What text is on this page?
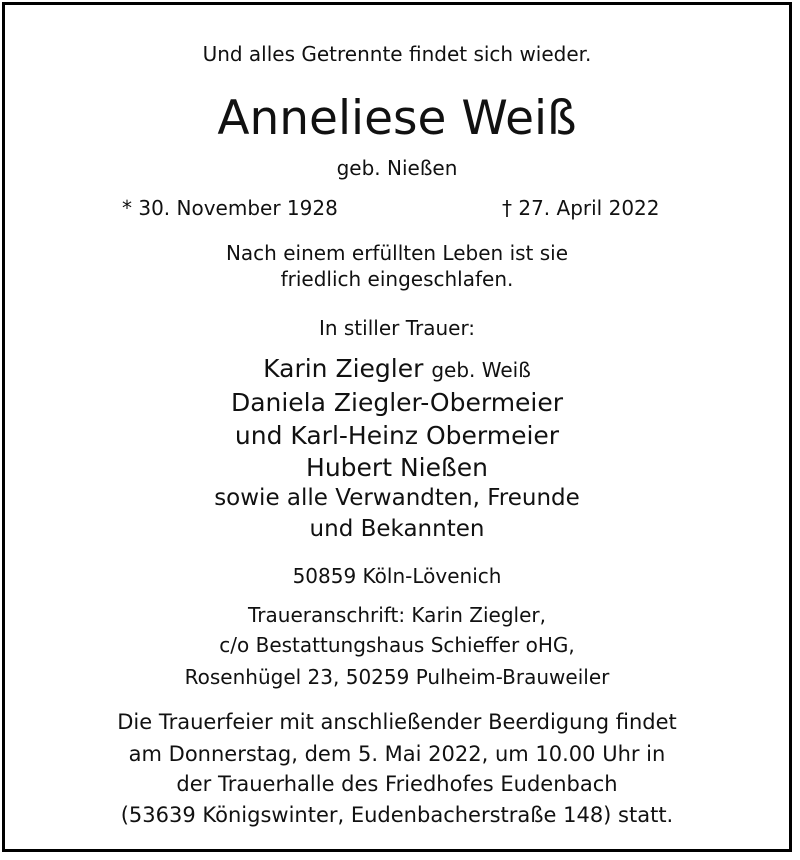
Und alles Getrennte findet sich wieder.
Anneliese Weiß
geb. Nießen
* 30. November 1928	† 27. April 2022
Nach einem erfüllten Leben ist sie
friedlich eingeschlafen.
In stiller Trauer:
Karin Ziegler geb. Weiß
Daniela Ziegler-Obermeier
und Karl-Heinz Obermeier
Hubert Nießen
sowie alle Verwandten, Freunde
und Bekannten
50859 Köln-Lövenich
Traueranschrift: Karin Ziegler,
c/o Bestattungshaus Schieffer oHG,
Rosenhügel 23, 50259 Pulheim-Brauweiler
Die Trauerfeier mit anschließender Beerdigung findet
am Donnerstag, dem 5. Mai 2022, um 10.00 Uhr in
der Trauerhalle des Friedhofes Eudenbach
(53639 Königswinter, Eudenbacherstraße 148) statt.
